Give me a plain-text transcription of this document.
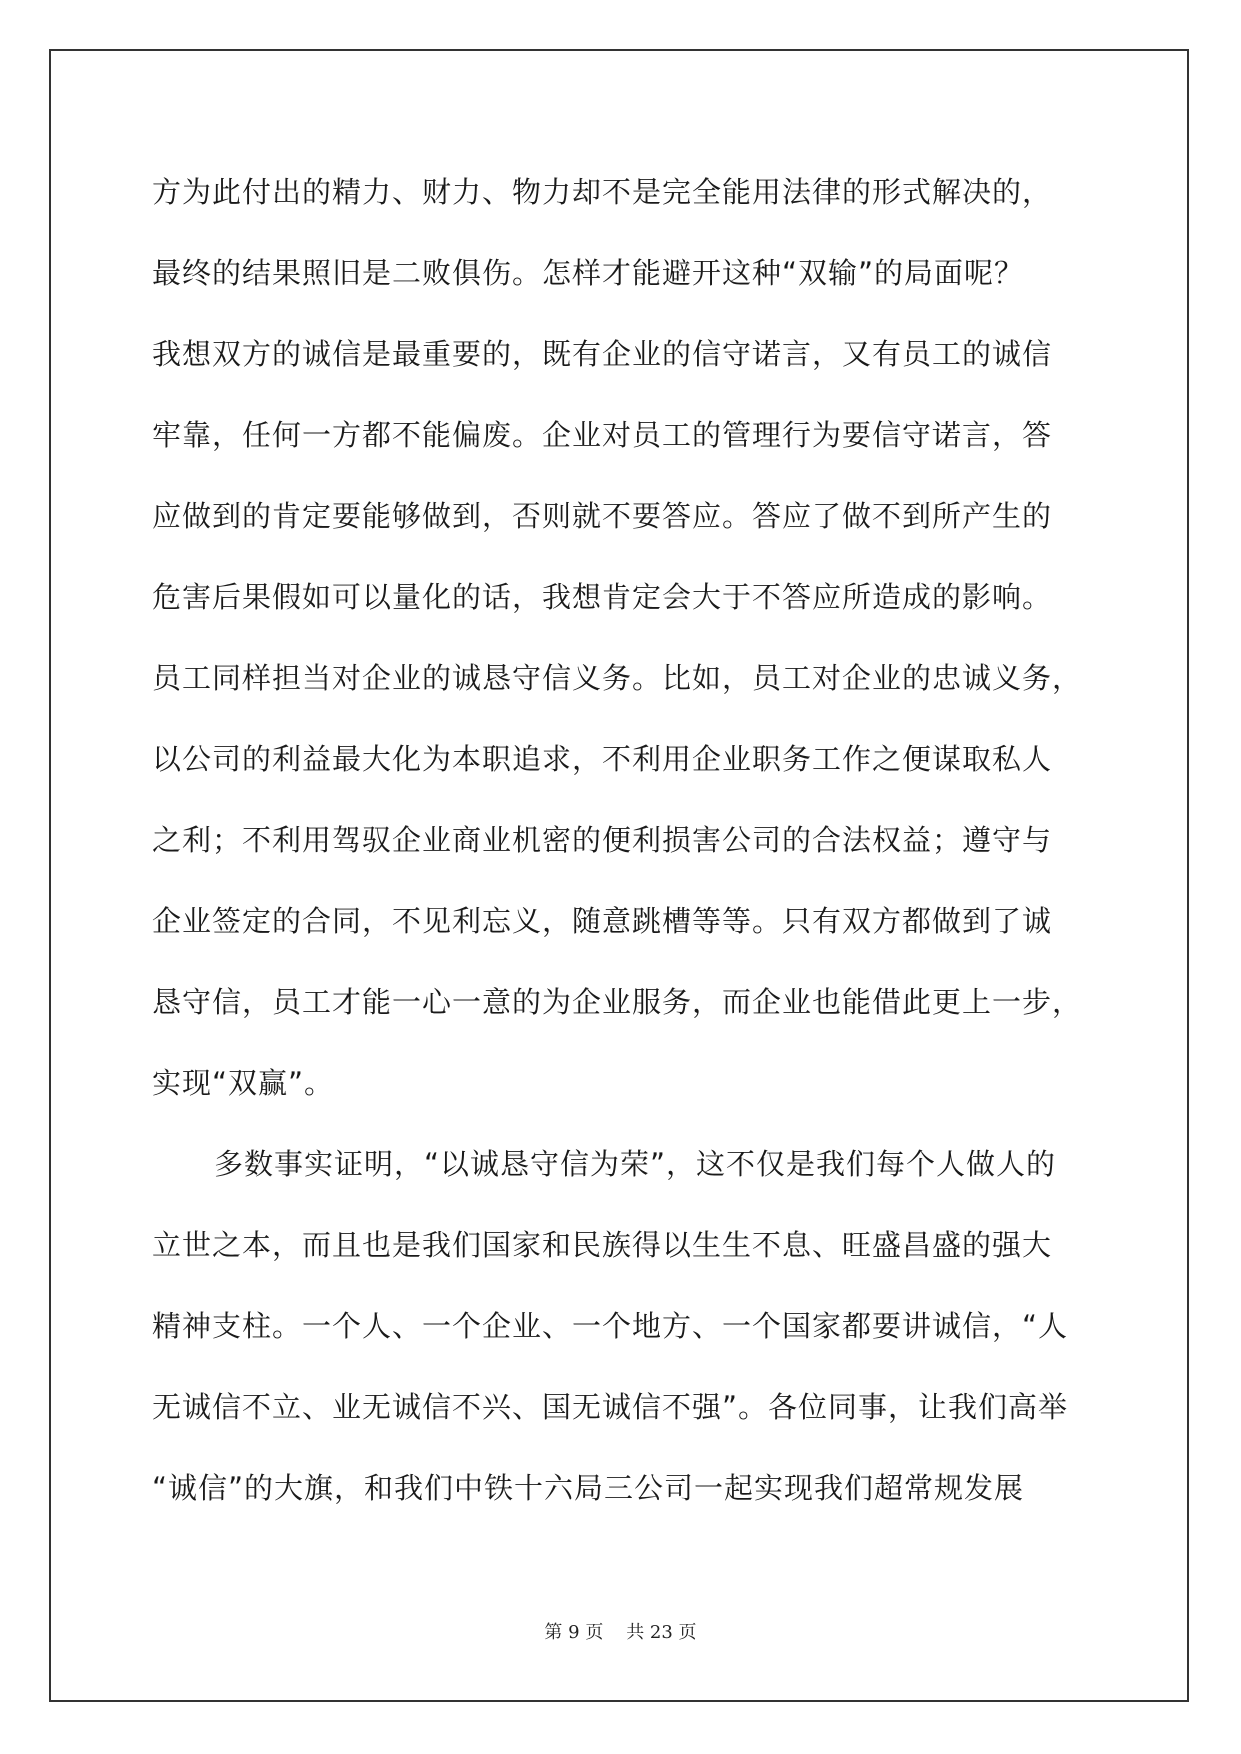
方为此付出的精力、财力、物力却不是完全能用法律的形式解决的，
最终的结果照旧是二败俱伤。怎样才能避开这种“双输”的局面呢？
我想双方的诚信是最重要的，既有企业的信守诺言，又有员工的诚信
牢靠，任何一方都不能偏废。企业对员工的管理行为要信守诺言，答
应做到的肯定要能够做到，否则就不要答应。答应了做不到所产生的
危害后果假如可以量化的话，我想肯定会大于不答应所造成的影响。
员工同样担当对企业的诚恳守信义务。比如，员工对企业的忠诚义务，
以公司的利益最大化为本职追求，不利用企业职务工作之便谋取私人
之利；不利用驾驭企业商业机密的便利损害公司的合法权益；遵守与
企业签定的合同，不见利忘义，随意跳槽等等。只有双方都做到了诚
恳守信，员工才能一心一意的为企业服务，而企业也能借此更上一步，
实现“双赢”。
多数事实证明，“以诚恳守信为荣”，这不仅是我们每个人做人的
立世之本，而且也是我们国家和民族得以生生不息、旺盛昌盛的强大
精神支柱。一个人、一个企业、一个地方、一个国家都要讲诚信，“人
无诚信不立、业无诚信不兴、国无诚信不强”。各位同事，让我们高举
“诚信”的大旗，和我们中铁十六局三公司一起实现我们超常规发展
第 9 页    共 23 页
